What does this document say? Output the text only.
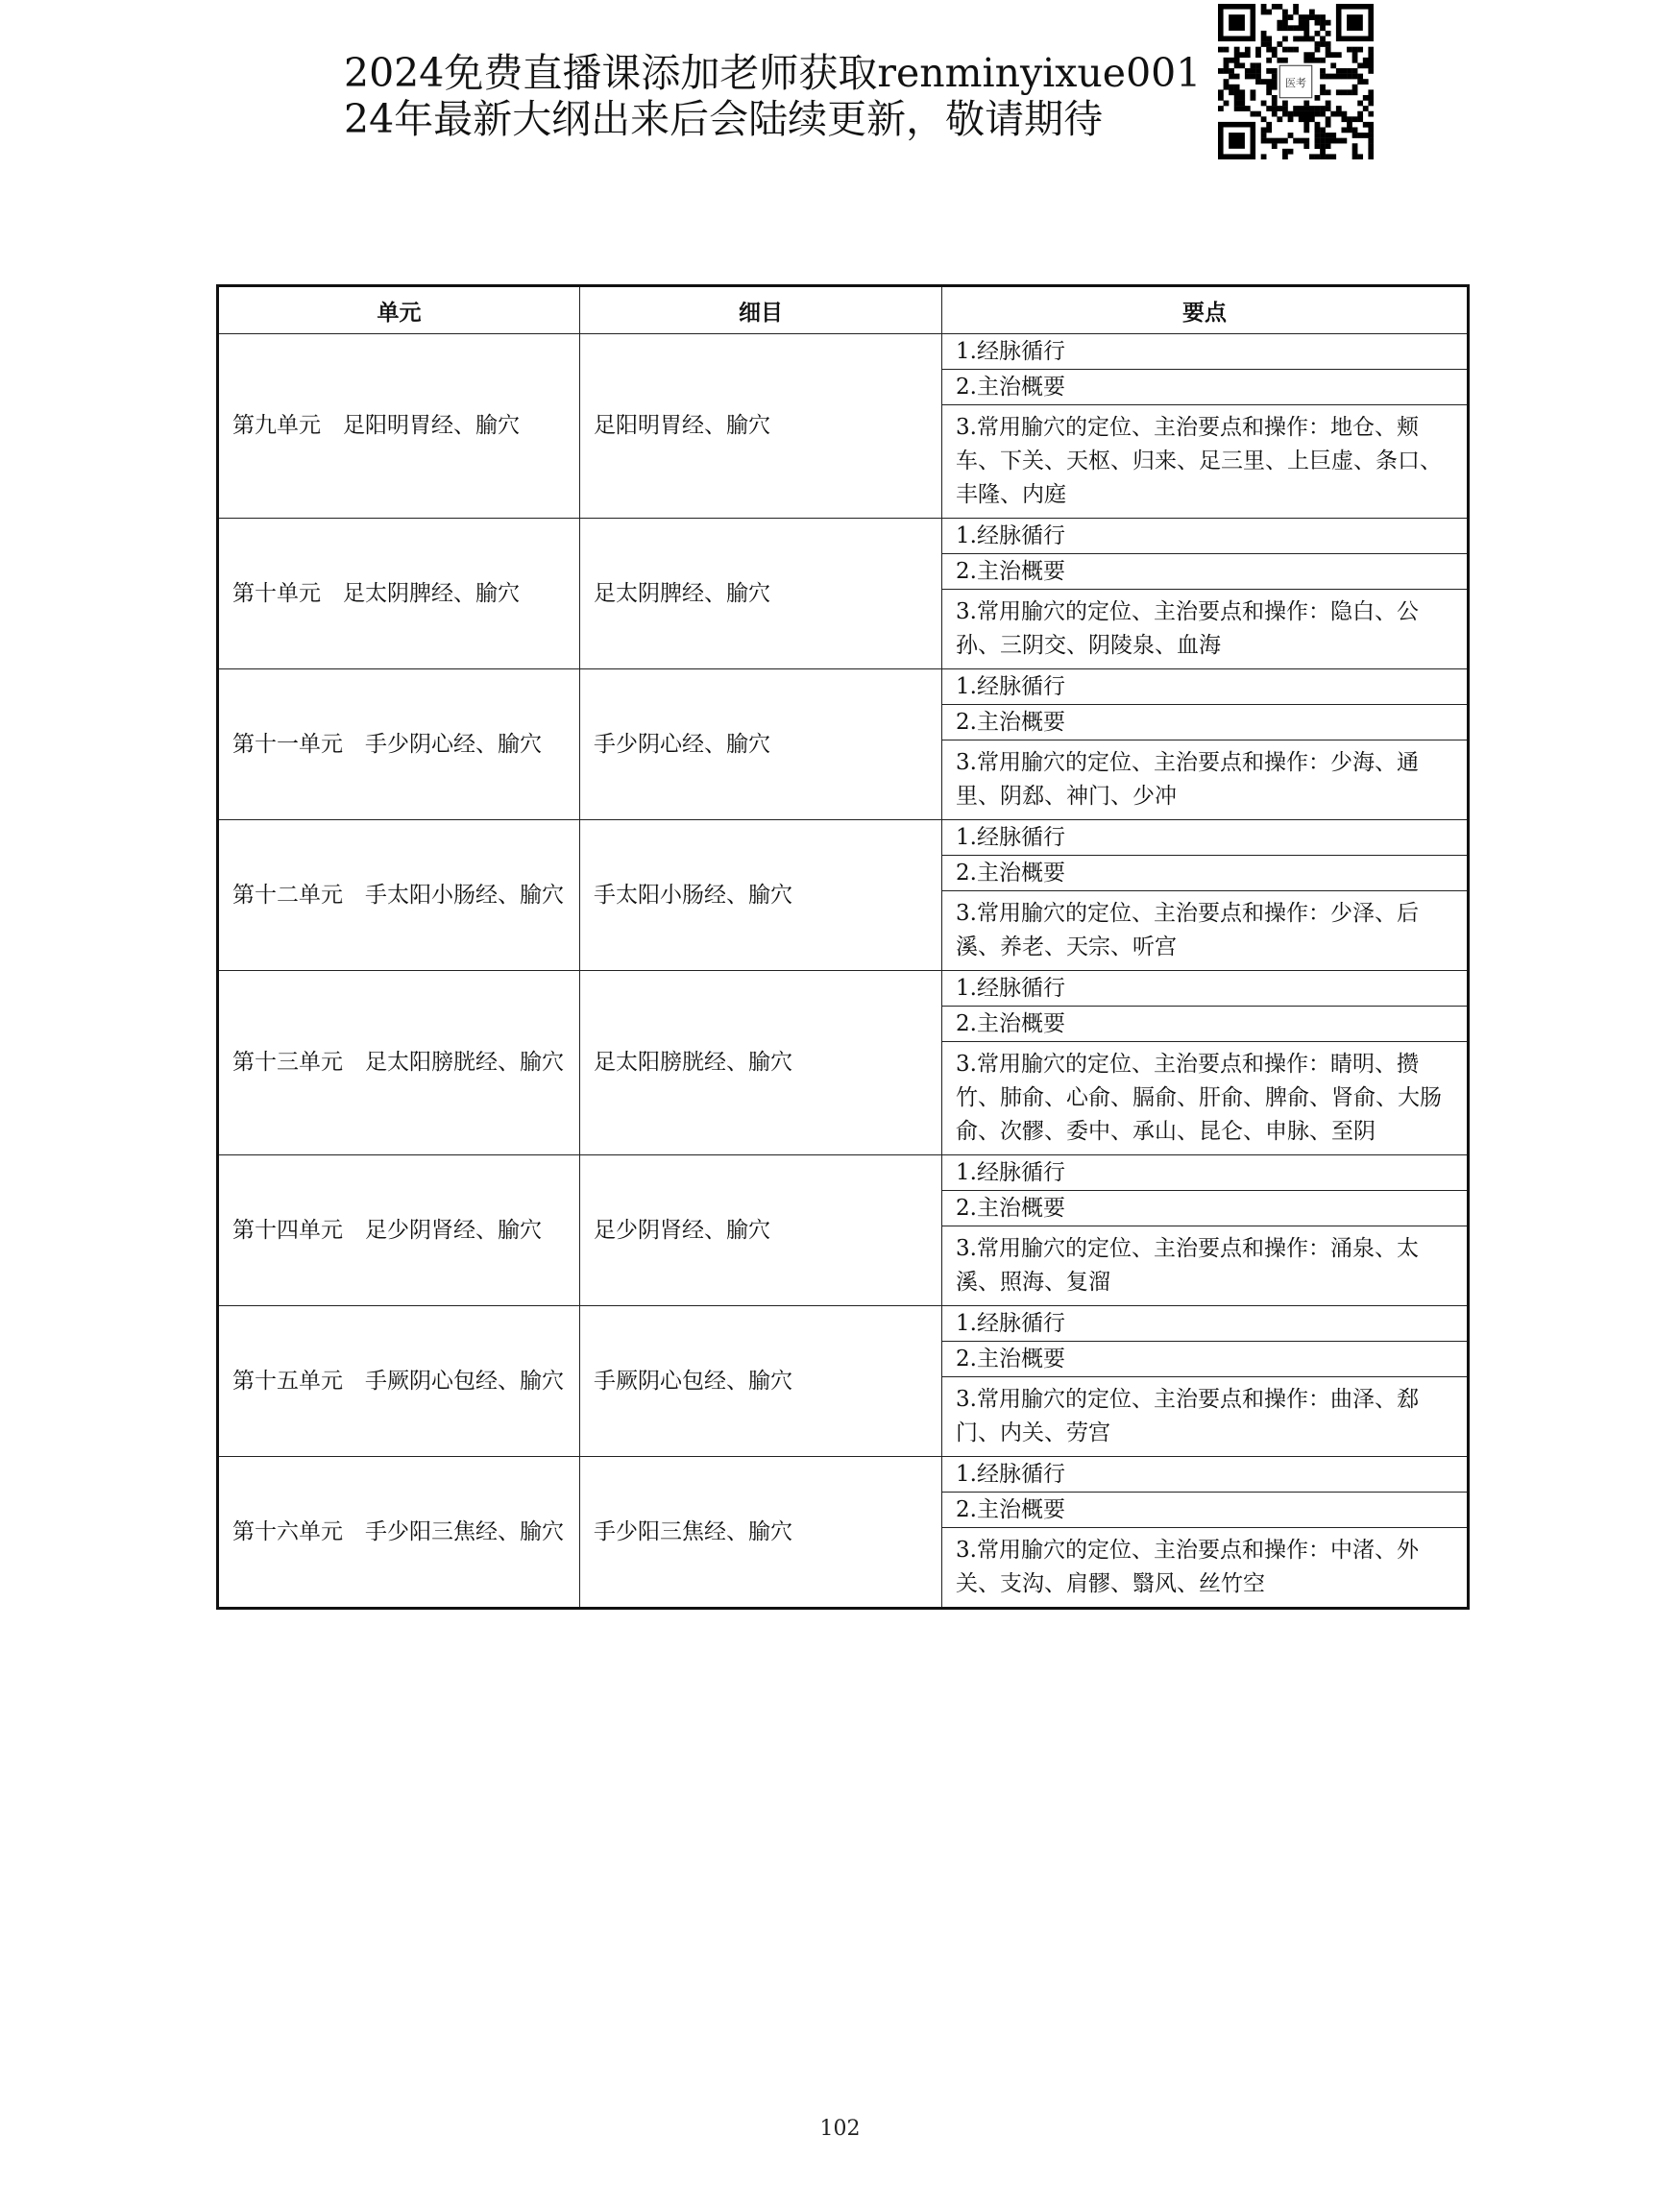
2024免费直播课添加老师获取renminyixue001
24年最新大纲出来后会陆续更新，敬请期待
医考
单元	细目	要点
第九单元　足阳明胃经、腧穴	足阳明胃经、腧穴	1.经脉循行
		2.主治概要
		3.常用腧穴的定位、主治要点和操作：地仓、颊车、下关、天枢、归来、足三里、上巨虚、条口、丰隆、内庭
第十单元　足太阴脾经、腧穴	足太阴脾经、腧穴	1.经脉循行
		2.主治概要
		3.常用腧穴的定位、主治要点和操作：隐白、公孙、三阴交、阴陵泉、血海
第十一单元　手少阴心经、腧穴	手少阴心经、腧穴	1.经脉循行
		2.主治概要
		3.常用腧穴的定位、主治要点和操作：少海、通里、阴郄、神门、少冲
第十二单元　手太阳小肠经、腧穴	手太阳小肠经、腧穴	1.经脉循行
		2.主治概要
		3.常用腧穴的定位、主治要点和操作：少泽、后溪、养老、天宗、听宫
第十三单元　足太阳膀胱经、腧穴	足太阳膀胱经、腧穴	1.经脉循行
		2.主治概要
		3.常用腧穴的定位、主治要点和操作：睛明、攒竹、肺俞、心俞、膈俞、肝俞、脾俞、肾俞、大肠俞、次髎、委中、承山、昆仑、申脉、至阴
第十四单元　足少阴肾经、腧穴	足少阴肾经、腧穴	1.经脉循行
		2.主治概要
		3.常用腧穴的定位、主治要点和操作：涌泉、太溪、照海、复溜
第十五单元　手厥阴心包经、腧穴	手厥阴心包经、腧穴	1.经脉循行
		2.主治概要
		3.常用腧穴的定位、主治要点和操作：曲泽、郄门、内关、劳宫
第十六单元　手少阳三焦经、腧穴	手少阳三焦经、腧穴	1.经脉循行
		2.主治概要
		3.常用腧穴的定位、主治要点和操作：中渚、外关、支沟、肩髎、翳风、丝竹空
102
